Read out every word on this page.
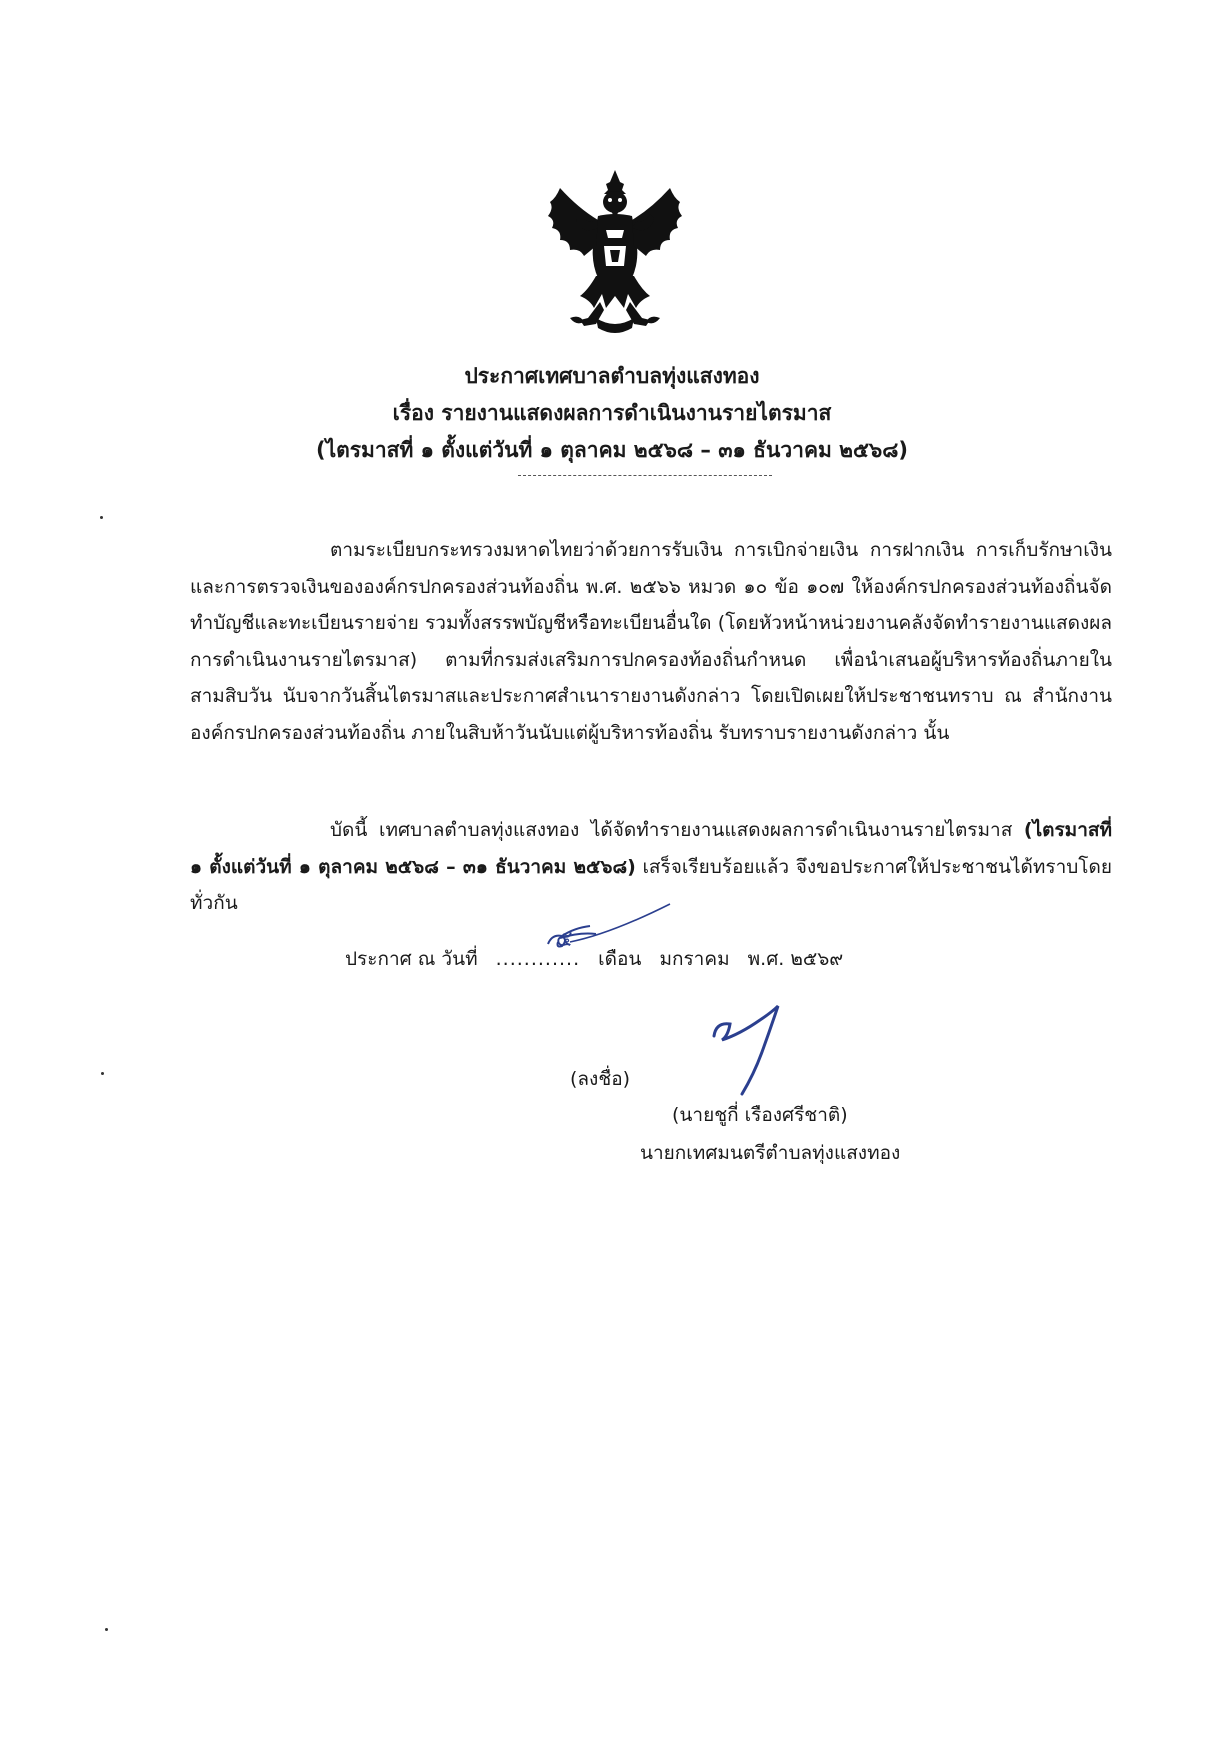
ประกาศเทศบาลตำบลทุ่งแสงทอง
เรื่อง รายงานแสดงผลการดำเนินงานรายไตรมาส
(ไตรมาสที่ ๑ ตั้งแต่วันที่ ๑ ตุลาคม ๒๕๖๘ – ๓๑ ธันวาคม ๒๕๖๘)
ตามระเบียบกระทรวงมหาดไทยว่าด้วยการรับเงิน การเบิกจ่ายเงิน การฝากเงิน การเก็บรักษาเงินและการตรวจเงินขององค์กรปกครองส่วนท้องถิ่น พ.ศ. ๒๕๖๖ หมวด ๑๐ ข้อ ๑๐๗ ให้องค์กรปกครองส่วนท้องถิ่นจัดทำบัญชีและทะเบียนรายจ่าย รวมทั้งสรรพบัญชีหรือทะเบียนอื่นใด (โดยหัวหน้าหน่วยงานคลังจัดทำรายงานแสดงผลการดำเนินงานรายไตรมาส) ตามที่กรมส่งเสริมการปกครองท้องถิ่นกำหนด เพื่อนำเสนอผู้บริหารท้องถิ่นภายในสามสิบวัน นับจากวันสิ้นไตรมาสและประกาศสำเนารายงานดังกล่าว โดยเปิดเผยให้ประชาชนทราบ ณ สำนักงานองค์กรปกครองส่วนท้องถิ่น ภายในสิบห้าวันนับแต่ผู้บริหารท้องถิ่น รับทราบรายงานดังกล่าว นั้น
บัดนี้ เทศบาลตำบลทุ่งแสงทอง ได้จัดทำรายงานแสดงผลการดำเนินงานรายไตรมาส (ไตรมาสที่ ๑ ตั้งแต่วันที่ ๑ ตุลาคม ๒๕๖๘ – ๓๑ ธันวาคม ๒๕๖๘) เสร็จเรียบร้อยแล้ว จึงขอประกาศให้ประชาชนได้ทราบโดยทั่วกัน
ประกาศ ณ วันที่ ............ เดือน มกราคม พ.ศ. ๒๕๖๙
๕
(ลงชื่อ)
(นายชูกี่ เรืองศรีชาติ)
นายกเทศมนตรีตำบลทุ่งแสงทอง
